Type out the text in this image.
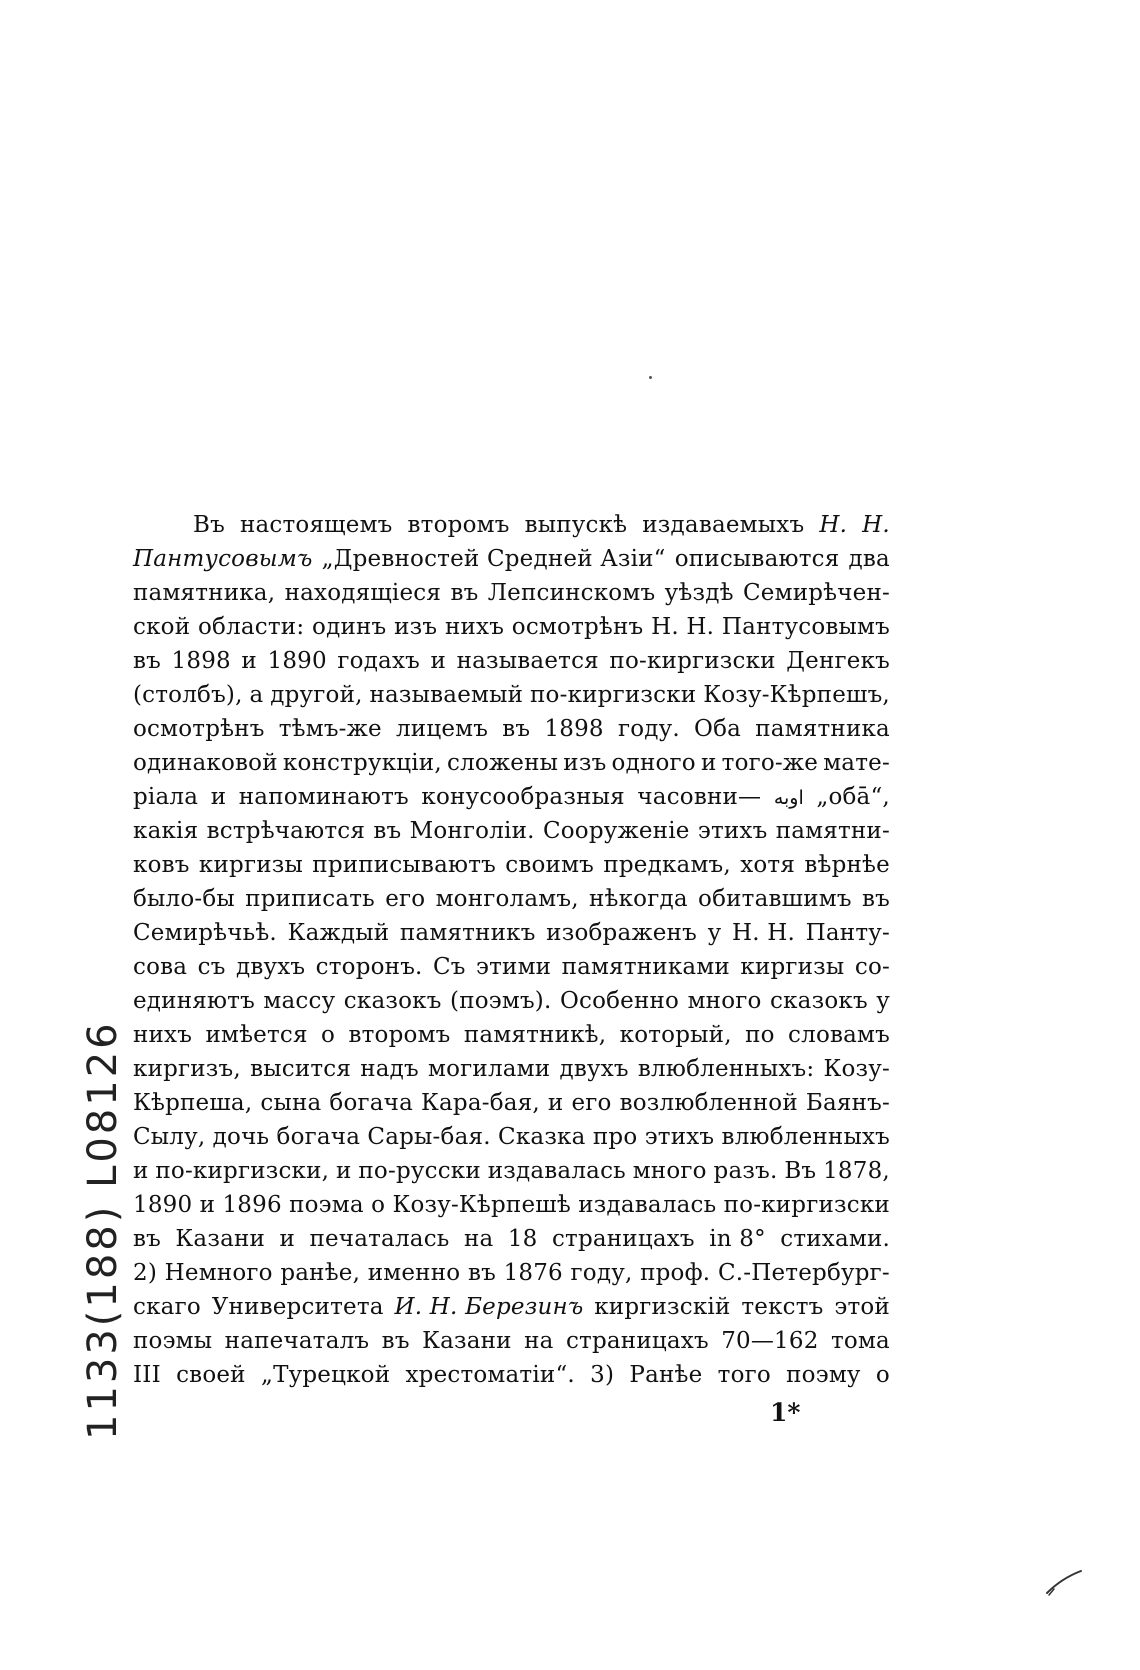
Въ настоящемъ второмъ выпускѣ издаваемыхъ Н. Н.
Пантусовымъ „Древностей Средней Азіи“ описываются два
памятника, находящіеся въ Лепсинскомъ уѣздѣ Семирѣчен-
ской области: одинъ изъ нихъ осмотрѣнъ Н. Н. Пантусовымъ
въ 1898 и 1890 годахъ и называется по-киргизски Денгекъ
(столбъ), а другой, называемый по-киргизски Козу-Кѣрпешъ,
осмотрѣнъ тѣмъ-же лицемъ въ 1898 году. Оба памятника
одинаковой конструкціи, сложены изъ одного и того-же мате-
ріала и напоминаютъ конусообразныя часовни— اوبه „обā“,
какія встрѣчаются въ Монголіи. Сооруженіе этихъ памятни-
ковъ киргизы приписываютъ своимъ предкамъ, хотя вѣрнѣе
было-бы приписать его монголамъ, нѣкогда обитавшимъ въ
Семирѣчьѣ. Каждый памятникъ изображенъ у Н. Н. Панту-
сова съ двухъ сторонъ. Съ этими памятниками киргизы со-
единяютъ массу сказокъ (поэмъ). Особенно много сказокъ у
нихъ имѣется о второмъ памятникѣ, который, по словамъ
киргизъ, высится надъ могилами двухъ влюбленныхъ: Козу-
Кѣрпеша, сына богача Кара-бая, и его возлюбленной Баянъ-
Сылу, дочь богача Сары-бая. Сказка про этихъ влюбленныхъ
и по-киргизски, и по-русски издавалась много разъ. Въ 1878,
1890 и 1896 поэма о Козу-Кѣрпешѣ издавалась по-киргизски
въ Казани и печаталась на 18 страницахъ in 8° стихами.
2) Немного ранѣе, именно въ 1876 году, проф. С.-Петербург-
скаго Университета И. Н. Березинъ киргизскій текстъ этой
поэмы напечаталъ въ Казани на страницахъ 70—162 тома
III своей „Турецкой хрестоматіи“. 3) Ранѣе того поэму о
1*
1133(188) L08126
